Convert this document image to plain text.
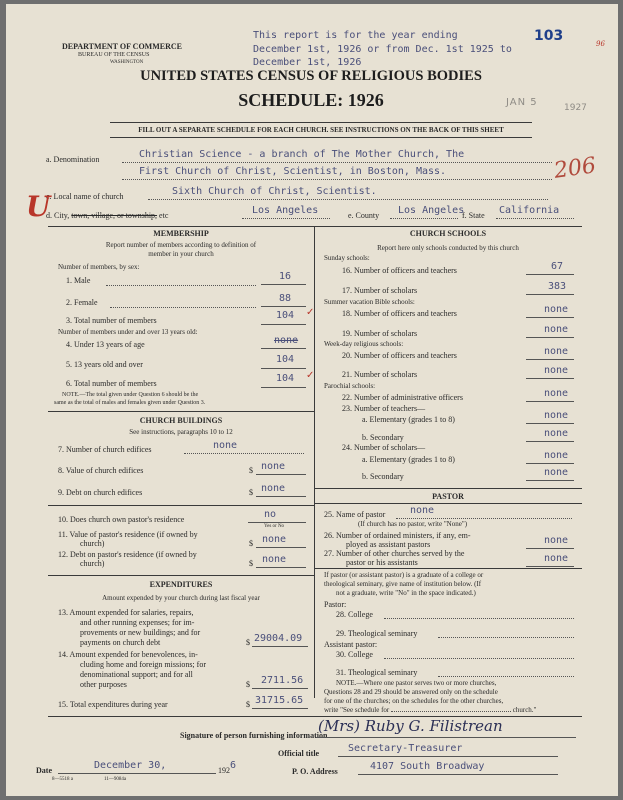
DEPARTMENT OF COMMERCE
BUREAU OF THE CENSUS
WASHINGTON
This report is for the year ending
December 1st, 1926 or from Dec. 1st 1925 to
December 1st, 1926
103	96
UNITED STATES CENSUS OF RELIGIOUS BODIES
SCHEDULE: 1926	JAN 5	1927
FILL OUT A SEPARATE SCHEDULE FOR EACH CHURCH. SEE INSTRUCTIONS ON THE BACK OF THIS SHEET
a. Denomination	Christian Science - a branch of The Mother Church, The
First Church of Christ, Scientist, in Boston, Mass.	206
c. Local name of church	Sixth Church of Christ, Scientist.
U
d. City, town, village, or township, etc	Los Angeles	e. County Los Angeles
f. State California
MEMBERSHIP
Report number of members according to definition of
member in your church
Number of members, by sex:
1. Male	16
2. Female	88
3. Total number of members	104 ✓
Number of members under and over 13 years old:
4. Under 13 years of age	none
5. 13 years old and over	104
6. Total number of members	104 ✓
NOTE.—The total given under Question 6 should be the
same as the total of males and females given under Question 3.
CHURCH BUILDINGS
See instructions, paragraphs 10 to 12
7. Number of church edifices	none
8. Value of church edifices	$ none
9. Debt on church edifices	$ none
10. Does church own pastor's residence	no
Yes or No
11. Value of pastor's residence (if owned by
church)	$ none
12. Debt on pastor's residence (if owned by
church)	$ none
EXPENDITURES
Amount expended by your church during last fiscal year
13. Amount expended for salaries, repairs,
and other running expenses; for im-
provements or new buildings; and for
payments on church debt	$ 29004.09
14. Amount expended for benevolences, in-
cluding home and foreign missions; for
denominational support; and for all
other purposes	$ 2711.56
15. Total expenditures during year	$ 31715.65
CHURCH SCHOOLS
Report here only schools conducted by this church
Sunday schools:
16. Number of officers and teachers	67
17. Number of scholars	383
Summer vacation Bible schools:
18. Number of officers and teachers	none
19. Number of scholars	none
Week-day religious schools:
20. Number of officers and teachers	none
21. Number of scholars	none
Parochial schools:
22. Number of administrative officers	none
23. Number of teachers—
a. Elementary (grades 1 to 8)	none
b. Secondary	none
24. Number of scholars—
a. Elementary (grades 1 to 8)	none
b. Secondary	none
PASTOR
25. Name of pastor none
(If church has no pastor, write "None")
26. Number of ordained ministers, if any, em-
ployed as assistant pastors	none
27. Number of other churches served by the
pastor or his assistants	none
If pastor (or assistant pastor) is a graduate of a college or
theological seminary, give name of institution below. (If
not a graduate, write "No" in the space indicated.)
Pastor:
28. College
29. Theological seminary
Assistant pastor:
30. College
31. Theological seminary
NOTE.—Where one pastor serves two or more churches,
Questions 28 and 29 should be answered only on the schedule
for one of the churches; on the schedules for the other churches,
write "See schedule for	church."
Signature of person furnishing information
(Mrs) Ruby G. Filistrean
Official title	Secretary-Treasurer
Date	December 30,	192 6
8—5518 a	11—9084a
P. O. Address	4107 South Broadway
